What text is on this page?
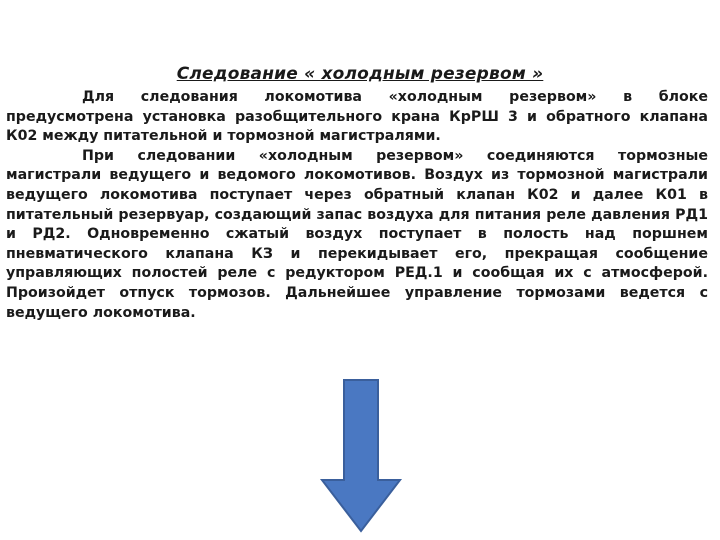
Следование « холодным резервом »

Для следования локомотива «холодным резервом» в блоке предусмотрена установка разобщительного крана КрРШ 3 и обратного клапана К02 между питательной и тормозной магистралями.

При следовании «холодным резервом» соединяются тормозные магистрали ведущего и ведомого локомотивов. Воздух из тормозной магистрали ведущего локомотива поступает через обратный клапан К02 и далее К01 в питательный резервуар, создающий запас воздуха для питания реле давления РД1 и РД2. Одновременно сжатый воздух поступает в полость над поршнем пневматического клапана КЗ и перекидывает его, прекращая сообщение управляющих полостей реле с редуктором РЕД.1 и сообщая их с атмосферой. Произойдет отпуск тормозов. Дальнейшее управление тормозами ведется с ведущего локомотива.
